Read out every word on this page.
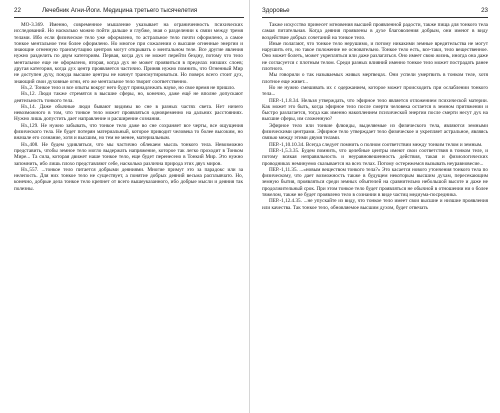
22	Лечебник Агни-Йоги. Медицина третьего тысячелетия

МО-3.369. Именно, современное мышление указывает на ограниченность психических исследований. Но насколько можно пойти дальше и глубже, зная о разделении к связи между тремя телами. Ибо если физическое тело уже оформлено, то астральное тело почти оформлено, а самое тонкое ментальное тем более оформлено. Но многое при сожалении о высшие огненные энергии и знающие огненную трансмутацию центров могут открывать о ментальном теле. Все другие явления нужно разделить по двум категориям. Первая, когда дух не может перейти бездну, потому что тело ментальное еще не оформлено, вторая, когда дух не может проявиться в пределах низших слоев; другая категория, когда дух центр проявляется частично. Приняв нужно помнить, что Огненный Мир не доступен духу, покуда высшие центры не начнут трансмутироваться. Но поверх всего стоит дух, знающий свои духовные огни, его же ментальное тело творит соответственно.

Нз.,2. Тонкое тело и все опыты вокруг него будут принадлежать науке, но свое время не пришло.

Нз.,12. Люди также стремятся в высшие сферы, но, конечно, даже ещё не вполне допускают деятельность тонкого тела.

Нз.,14. Даже обычные люди бывают видимы во сне в разных частях света. Нет ничего невозможного в том, что тонкое тело может проявляться одновременно на дальних расстояниях. Нужно лишь допустить дает направление и расширение сознания.

Нз.,129. Не нужно забывать, что тонкое тело даже во сне сохраняет все черты, все ощущения физического тела. Не будет потерян материальный, которое приводит человека то более высоким, но вначале его сознание, хотя и высшим, но тем не менее, материальным.

Нз.,408. Не будем удивляться, что мы частично облекаем мысль тонкого тела. Невозможно представить, чтобы земное тело могло выдержать напряжение, которое так легко проходит в Тонком Мире... Та сила, которая движет наше тонкое тело, еще будет перенесено в Тонкий Мир. Это нужно запомнить, ибо лишь плохо представляют себе, насколько различна природа этих двух миров.

Нз.,557. ...тонкое тело питается добрыми деяниями. Многие примут это за парадокс или за нелепость. Для них тонкое тело не существует, а понятие добрых деяний весьма расплывчато. Но, конечно, добрые дела тонкое тело крепнет от всего вышеуказанного, ибо добрые мысли и деяния так полезны.

Здоровье	23

Также искусство принесет мгновения высшей проявленной радости, также пища для тонкого тела самая питательная. Когда деяния проявлены в духе благоволения добрым, они имеют в виду воздействие добрых сочетаний на тонкое тело.

Иные полагают, что тонкое тело нерушимо, и потому никакими земные вредительства не могут нарушить его, но такое положение не основательно. Тонкое тело есть, все-таки, тело вещественное. Оно может болеть, может укрепляться или даже разлагаться. Оно имеет свою жизнь, иногда она даже не согласуется с плотным телом. Среди разных влияний именно тонкое тело может пострадать ранее плотного.

Мы говорили о так называемых живых мертвецах. Они успели умертвить в тонком теле, хотя плотное еще живет...

Но не нужно смешивать их с одержанием, которое может происходить при ослаблении тонкого тела...

ПЕР.-1,1.8.34. Нельзя утверждать, что эфирное тело является отложением психической материи. Как может это быть, когда эфирное тело после смерти человека остается в земном притяжении и быстро разлагается, тогда как именно накоплением психической энергии после смерти несут дух на высшие сферы, им сложенную?

Эфирное тело или тонкие флюиды, выделяемые из физического тела, являются земными физическими центрами. Эфирное тело утверждает тело физическое и укрепляет астральное, являясь связью между этими двумя телами.

ПЕР.-1,10.10.34. Всегда следует помнить о полном соответствии между тонким телом и земным.

ПЕР.-1,5.3.35. Будем помнить, что целебные центры имеют свои соответствия в тонком теле, и потому всякая неправильность и неуравновешенность действия, такая и физиологических проводниках неминуемо сказывается на всех телах. Потому остережемся вызывать неуравновесие...

ПЕР.-1,11.35. ...«новым веществом тонкого тела?» Это касается нового утончения тонкого тела по физическому, что дает возможность также в будущем некоторым высшим духам, пересекающим земную бытия, проявляться среди земных объятелей на сравнительно небольшой высоте и даже не продолжительный срок. При этом тонкое тело будет проявляться не обычной в отношении ни о более тяжелом, также не будет проявлено тело в сознании в виде частиц медиума-посредника.

ПЕР.-1,12.4.35. ...не упускайте из виду, что тонкое тело имеет свои высшие и низшие проявления или качества. Так тонкое тело, обновляемое высшим духом, будет отвечать
